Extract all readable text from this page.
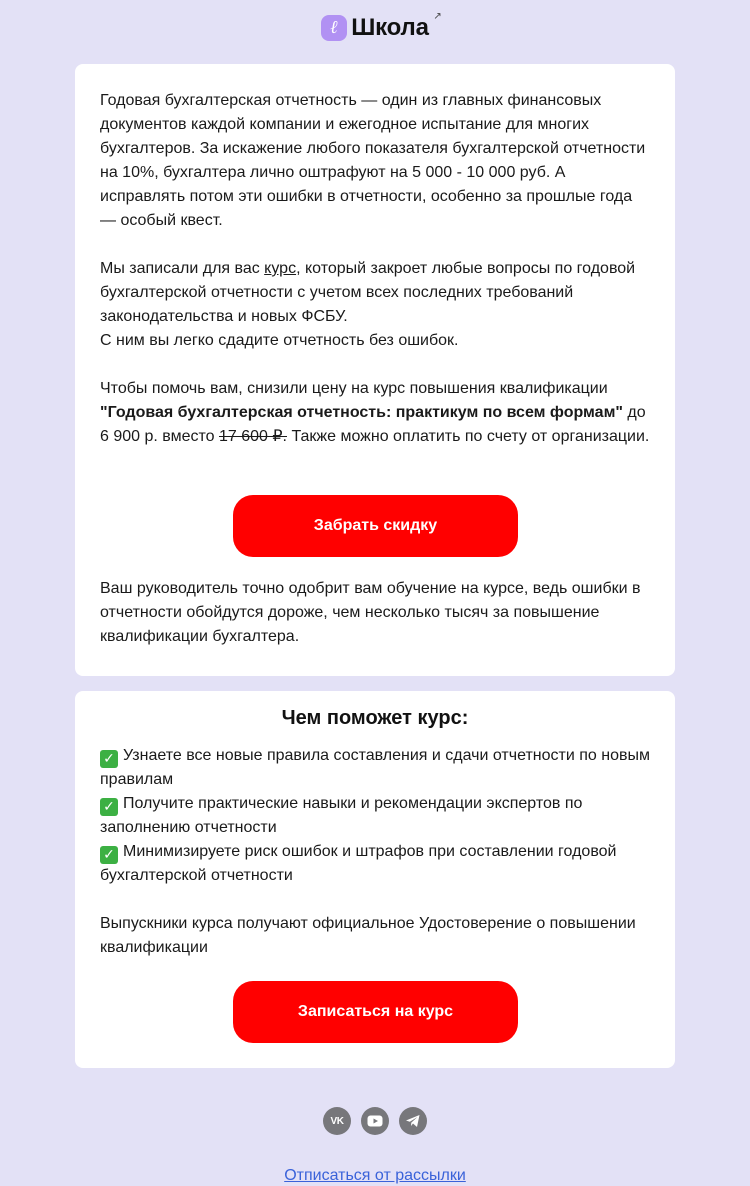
ℓ Школа ↗
Годовая бухгалтерская отчетность — один из главных финансовых документов каждой компании и ежегодное испытание для многих бухгалтеров. За искажение любого показателя бухгалтерской отчетности на 10%, бухгалтера лично оштрафуют на 5 000 - 10 000 руб. А исправлять потом эти ошибки в отчетности, особенно за прошлые года — особый квест.
Мы записали для вас курс, который закроет любые вопросы по годовой бухгалтерской отчетности с учетом всех последних требований законодательства и новых ФСБУ.
С ним вы легко сдадите отчетность без ошибок.
Чтобы помочь вам, снизили цену на курс повышения квалификации "Годовая бухгалтерская отчетность: практикум по всем формам" до 6 900 р. вместо 17 600 ₽. Также можно оплатить по счету от организации.
Забрать скидку
Ваш руководитель точно одобрит вам обучение на курсе, ведь ошибки в отчетности обойдутся дороже, чем несколько тысяч за повышение квалификации бухгалтера.
Чем поможет курс:
✓ Узнаете все новые правила составления и сдачи отчетности по новым правилам
✓ Получите практические навыки и рекомендации экспертов по заполнению отчетности
✓ Минимизируете риск ошибок и штрафов при составлении годовой бухгалтерской отчетности
Выпускники курса получают официальное Удостоверение о повышении квалификации
Записаться на курс
VK
Отписаться от рассылки
